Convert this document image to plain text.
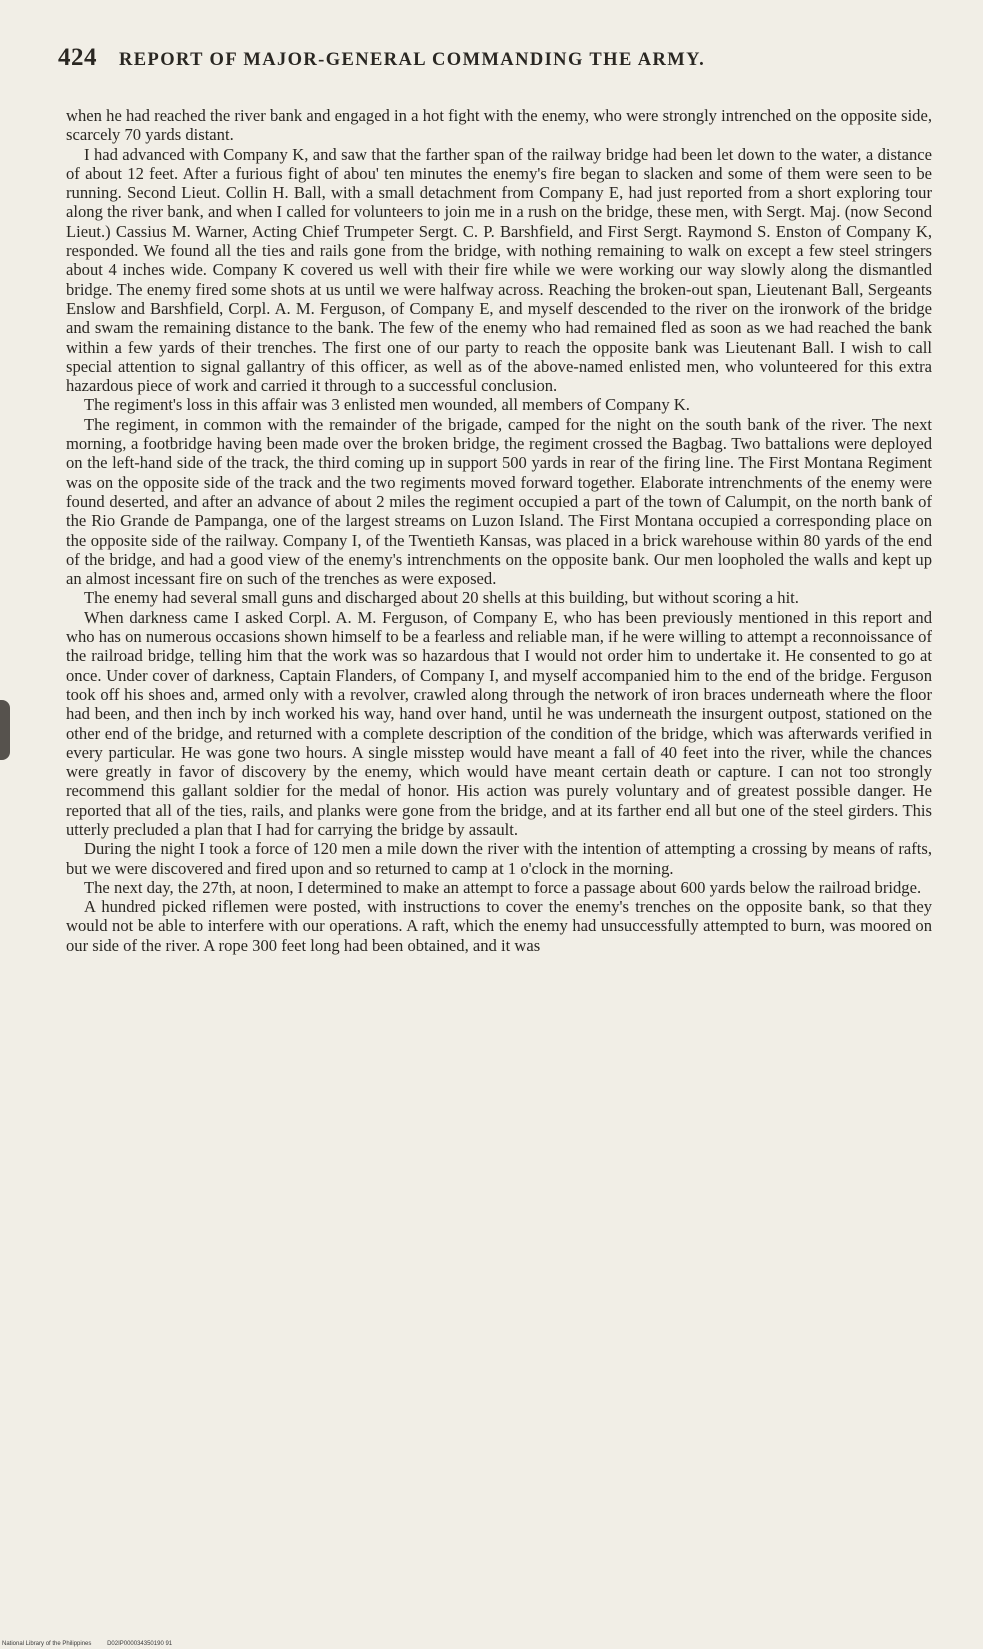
424 REPORT OF MAJOR-GENERAL COMMANDING THE ARMY.

when he had reached the river bank and engaged in a hot fight with the enemy, who were strongly intrenched on the opposite side, scarcely 70 yards distant.

I had advanced with Company K, and saw that the farther span of the railway bridge had been let down to the water, a distance of about 12 feet. After a furious fight of abou' ten minutes the enemy's fire began to slacken and some of them were seen to be running. Second Lieut. Collin H. Ball, with a small detachment from Company E, had just reported from a short exploring tour along the river bank, and when I called for volunteers to join me in a rush on the bridge, these men, with Sergt. Maj. (now Second Lieut.) Cassius M. Warner, Acting Chief Trumpeter Sergt. C. P. Barshfield, and First Sergt. Raymond S. Enston of Company K, responded. We found all the ties and rails gone from the bridge, with nothing remaining to walk on except a few steel stringers about 4 inches wide. Company K covered us well with their fire while we were working our way slowly along the dismantled bridge. The enemy fired some shots at us until we were halfway across. Reaching the broken-out span, Lieutenant Ball, Sergeants Enslow and Barshfield, Corpl. A. M. Ferguson, of Company E, and myself descended to the river on the ironwork of the bridge and swam the remaining distance to the bank. The few of the enemy who had remained fled as soon as we had reached the bank within a few yards of their trenches. The first one of our party to reach the opposite bank was Lieutenant Ball. I wish to call special attention to signal gallantry of this officer, as well as of the above-named enlisted men, who volunteered for this extra hazardous piece of work and carried it through to a successful conclusion.

The regiment's loss in this affair was 3 enlisted men wounded, all members of Company K.

The regiment, in common with the remainder of the brigade, camped for the night on the south bank of the river. The next morning, a footbridge having been made over the broken bridge, the regiment crossed the Bagbag. Two battalions were deployed on the left-hand side of the track, the third coming up in support 500 yards in rear of the firing line. The First Montana Regiment was on the opposite side of the track and the two regiments moved forward together. Elaborate intrenchments of the enemy were found deserted, and after an advance of about 2 miles the regiment occupied a part of the town of Calumpit, on the north bank of the Rio Grande de Pampanga, one of the largest streams on Luzon Island. The First Montana occupied a corresponding place on the opposite side of the railway. Company I, of the Twentieth Kansas, was placed in a brick warehouse within 80 yards of the end of the bridge, and had a good view of the enemy's intrenchments on the opposite bank. Our men loopholed the walls and kept up an almost incessant fire on such of the trenches as were exposed.

The enemy had several small guns and discharged about 20 shells at this building, but without scoring a hit.

When darkness came I asked Corpl. A. M. Ferguson, of Company E, who has been previously mentioned in this report and who has on numerous occasions shown himself to be a fearless and reliable man, if he were willing to attempt a reconnoissance of the railroad bridge, telling him that the work was so hazardous that I would not order him to undertake it. He consented to go at once. Under cover of darkness, Captain Flanders, of Company I, and myself accompanied him to the end of the bridge. Ferguson took off his shoes and, armed only with a revolver, crawled along through the network of iron braces underneath where the floor had been, and then inch by inch worked his way, hand over hand, until he was underneath the insurgent outpost, stationed on the other end of the bridge, and returned with a complete description of the condition of the bridge, which was afterwards verified in every particular. He was gone two hours. A single misstep would have meant a fall of 40 feet into the river, while the chances were greatly in favor of discovery by the enemy, which would have meant certain death or capture. I can not too strongly recommend this gallant soldier for the medal of honor. His action was purely voluntary and of greatest possible danger. He reported that all of the ties, rails, and planks were gone from the bridge, and at its farther end all but one of the steel girders. This utterly precluded a plan that I had for carrying the bridge by assault.

During the night I took a force of 120 men a mile down the river with the intention of attempting a crossing by means of rafts, but we were discovered and fired upon and so returned to camp at 1 o'clock in the morning.

The next day, the 27th, at noon, I determined to make an attempt to force a passage about 600 yards below the railroad bridge.

A hundred picked riflemen were posted, with instructions to cover the enemy's trenches on the opposite bank, so that they would not be able to interfere with our operations. A raft, which the enemy had unsuccessfully attempted to burn, was moored on our side of the river. A rope 300 feet long had been obtained, and it was

National Library of the Philippines	D02IP000034350190 91
